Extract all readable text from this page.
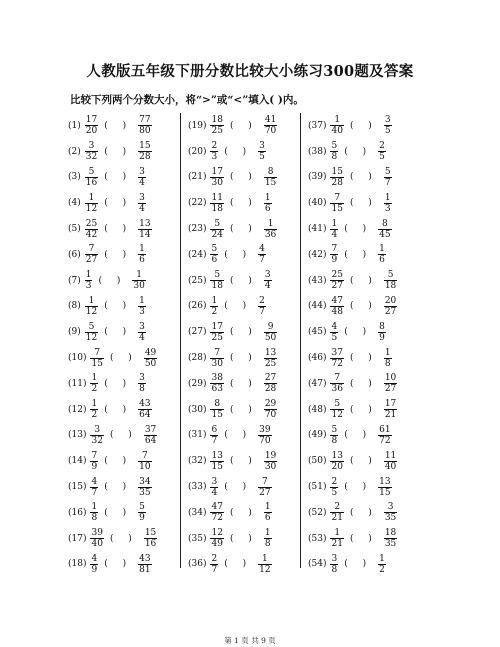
人教版五年级下册分数比较大小练习300题及答案
比较下列两个分数大小，将“>”或“<”填入( )内。
$(1) \frac{17}{20}$ ( ) $\frac{77}{80}$
$(2) \frac{3}{32}$ ( ) $\frac{15}{28}$
$(3) \frac{5}{16}$ ( ) $\frac{3}{4}$
$(4) \frac{1}{12}$ ( ) $\frac{3}{4}$
$(5) \frac{25}{42}$ ( ) $\frac{13}{14}$
$(6) \frac{7}{27}$ ( ) $\frac{1}{6}$
$(7) \frac{1}{3}$ ( ) $\frac{1}{30}$
$(8) \frac{1}{12}$ ( ) $\frac{1}{3}$
$(9) \frac{5}{12}$ ( ) $\frac{3}{4}$
$(10) \frac{7}{15}$ ( ) $\frac{49}{50}$
$(11) \frac{1}{2}$ ( ) $\frac{3}{8}$
$(12) \frac{1}{2}$ ( ) $\frac{43}{64}$
$(13) \frac{3}{32}$ ( ) $\frac{37}{64}$
$(14) \frac{7}{9}$ ( ) $\frac{7}{10}$
$(15) \frac{4}{7}$ ( ) $\frac{34}{35}$
$(16) \frac{1}{8}$ ( ) $\frac{5}{9}$
$(17) \frac{39}{40}$ ( ) $\frac{15}{16}$
$(18) \frac{4}{9}$ ( ) $\frac{43}{81}$
$(19) \frac{18}{25}$ ( ) $\frac{41}{70}$
$(20) \frac{2}{3}$ ( ) $\frac{3}{5}$
$(21) \frac{17}{30}$ ( ) $\frac{8}{15}$
$(22) \frac{11}{18}$ ( ) $\frac{1}{6}$
$(23) \frac{5}{24}$ ( ) $\frac{1}{36}$
$(24) \frac{5}{6}$ ( ) $\frac{4}{7}$
$(25) \frac{5}{18}$ ( ) $\frac{3}{4}$
$(26) \frac{1}{2}$ ( ) $\frac{2}{7}$
$(27) \frac{17}{25}$ ( ) $\frac{9}{50}$
$(28) \frac{7}{30}$ ( ) $\frac{13}{25}$
$(29) \frac{38}{63}$ ( ) $\frac{27}{28}$
$(30) \frac{8}{15}$ ( ) $\frac{29}{70}$
$(31) \frac{6}{7}$ ( ) $\frac{39}{70}$
$(32) \frac{13}{15}$ ( ) $\frac{19}{30}$
$(33) \frac{3}{4}$ ( ) $\frac{7}{27}$
$(34) \frac{47}{72}$ ( ) $\frac{1}{6}$
$(35) \frac{12}{49}$ ( ) $\frac{1}{8}$
$(36) \frac{2}{7}$ ( ) $\frac{1}{12}$
$(37) \frac{1}{40}$ ( ) $\frac{3}{5}$
$(38) \frac{5}{8}$ ( ) $\frac{2}{5}$
$(39) \frac{15}{28}$ ( ) $\frac{5}{7}$
$(40) \frac{7}{15}$ ( ) $\frac{1}{3}$
$(41) \frac{1}{4}$ ( ) $\frac{8}{45}$
$(42) \frac{7}{9}$ ( ) $\frac{1}{6}$
$(43) \frac{25}{27}$ ( ) $\frac{5}{18}$
$(44) \frac{47}{48}$ ( ) $\frac{20}{27}$
$(45) \frac{4}{5}$ ( ) $\frac{8}{9}$
$(46) \frac{37}{72}$ ( ) $\frac{1}{8}$
$(47) \frac{7}{36}$ ( ) $\frac{10}{27}$
$(48) \frac{5}{12}$ ( ) $\frac{17}{21}$
$(49) \frac{5}{8}$ ( ) $\frac{61}{72}$
$(50) \frac{13}{20}$ ( ) $\frac{11}{40}$
$(51) \frac{2}{5}$ ( ) $\frac{13}{15}$
$(52) \frac{2}{21}$ ( ) $\frac{3}{35}$
$(53) \frac{1}{21}$ ( ) $\frac{18}{35}$
$(54) \frac{3}{8}$ ( ) $\frac{1}{2}$
第 1 页 共 9 页
